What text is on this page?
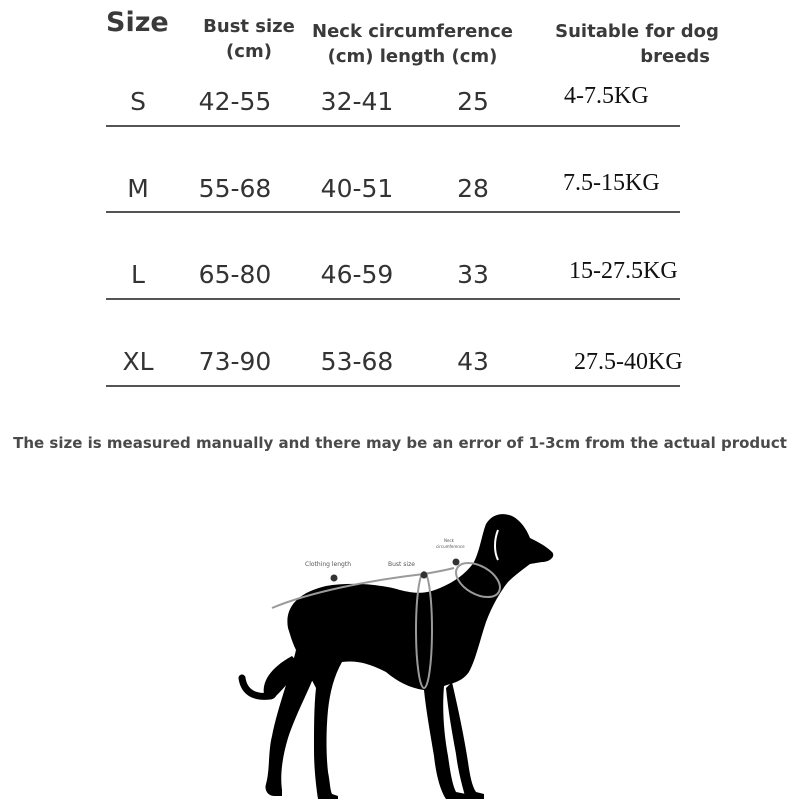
Size Bust size
(cm)
Neck circumference
(cm) length (cm)
Suitable for dog
breeds
S	42-55 32-41	25	4-7.5KG
M	55-68 40-51	28	7.5-15KG
L	65-80 46-59	33	15-27.5KG
XL	73-90 53-68	43	27.5-40KG
The size is measured manually and there may be an error of 1-3cm from the actual product
Clothing length	Bust size
Neck
circumference
